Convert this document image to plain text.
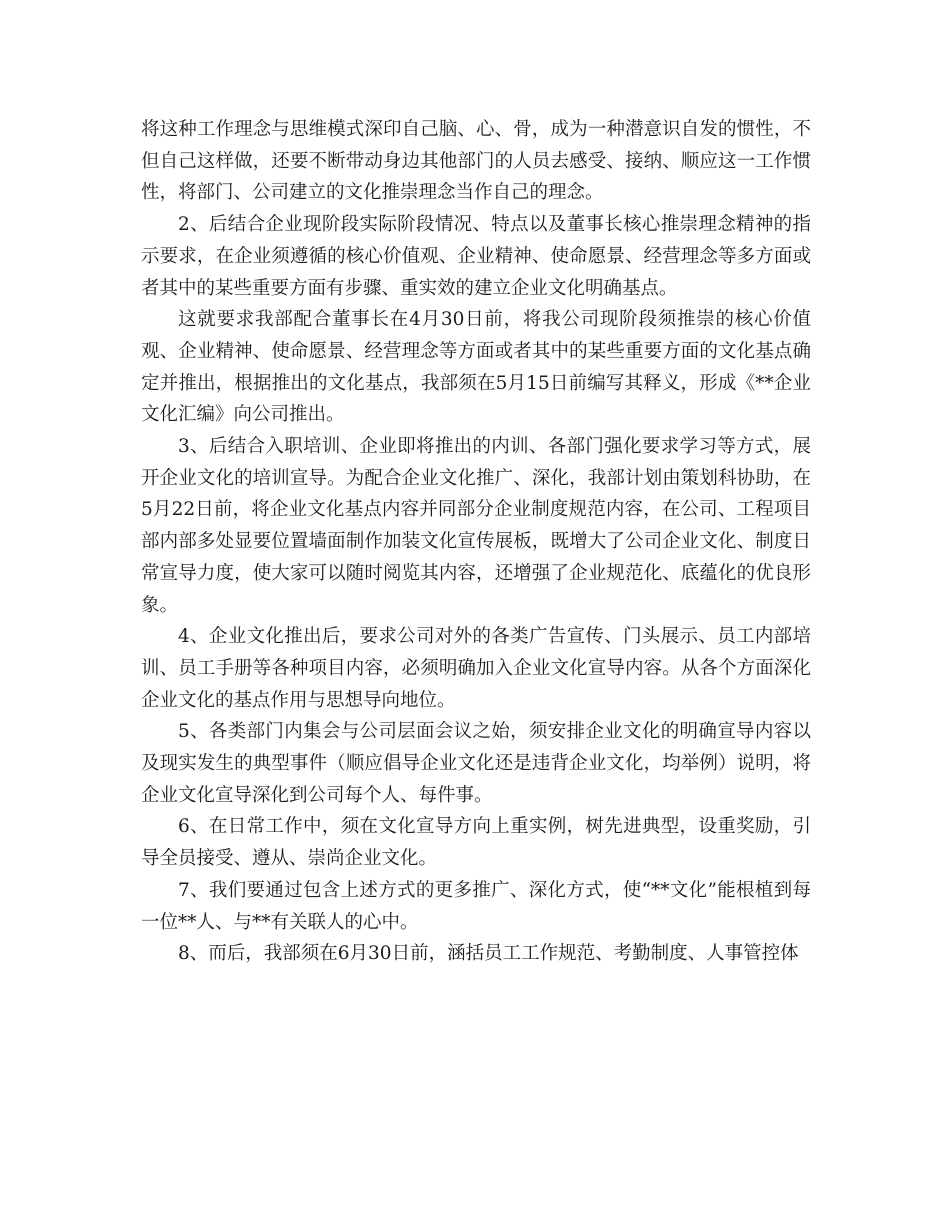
将这种工作理念与思维模式深印自己脑、心、骨，成为一种潜意识自发的惯性，不但自己这样做，还要不断带动身边其他部门的人员去感受、接纳、顺应这一工作惯性，将部门、公司建立的文化推崇理念当作自己的理念。

2、后结合企业现阶段实际阶段情况、特点以及董事长核心推崇理念精神的指示要求，在企业须遵循的核心价值观、企业精神、使命愿景、经营理念等多方面或者其中的某些重要方面有步骤、重实效的建立企业文化明确基点。

这就要求我部配合董事长在4月30日前，将我公司现阶段须推崇的核心价值观、企业精神、使命愿景、经营理念等方面或者其中的某些重要方面的文化基点确定并推出，根据推出的文化基点，我部须在5月15日前编写其释义，形成《**企业文化汇编》向公司推出。

3、后结合入职培训、企业即将推出的内训、各部门强化要求学习等方式，展开企业文化的培训宣导。为配合企业文化推广、深化，我部计划由策划科协助，在5月22日前，将企业文化基点内容并同部分企业制度规范内容，在公司、工程项目部内部多处显要位置墙面制作加装文化宣传展板，既增大了公司企业文化、制度日常宣导力度，使大家可以随时阅览其内容，还增强了企业规范化、底蕴化的优良形象。

4、企业文化推出后，要求公司对外的各类广告宣传、门头展示、员工内部培训、员工手册等各种项目内容，必须明确加入企业文化宣导内容。从各个方面深化企业文化的基点作用与思想导向地位。

5、各类部门内集会与公司层面会议之始，须安排企业文化的明确宣导内容以及现实发生的典型事件（顺应倡导企业文化还是违背企业文化，均举例）说明，将企业文化宣导深化到公司每个人、每件事。

6、在日常工作中，须在文化宣导方向上重实例，树先进典型，设重奖励，引导全员接受、遵从、崇尚企业文化。

7、我们要通过包含上述方式的更多推广、深化方式，使“**文化”能根植到每一位**人、与**有关联人的心中。

8、而后，我部须在6月30日前，涵括员工工作规范、考勤制度、人事管控体
